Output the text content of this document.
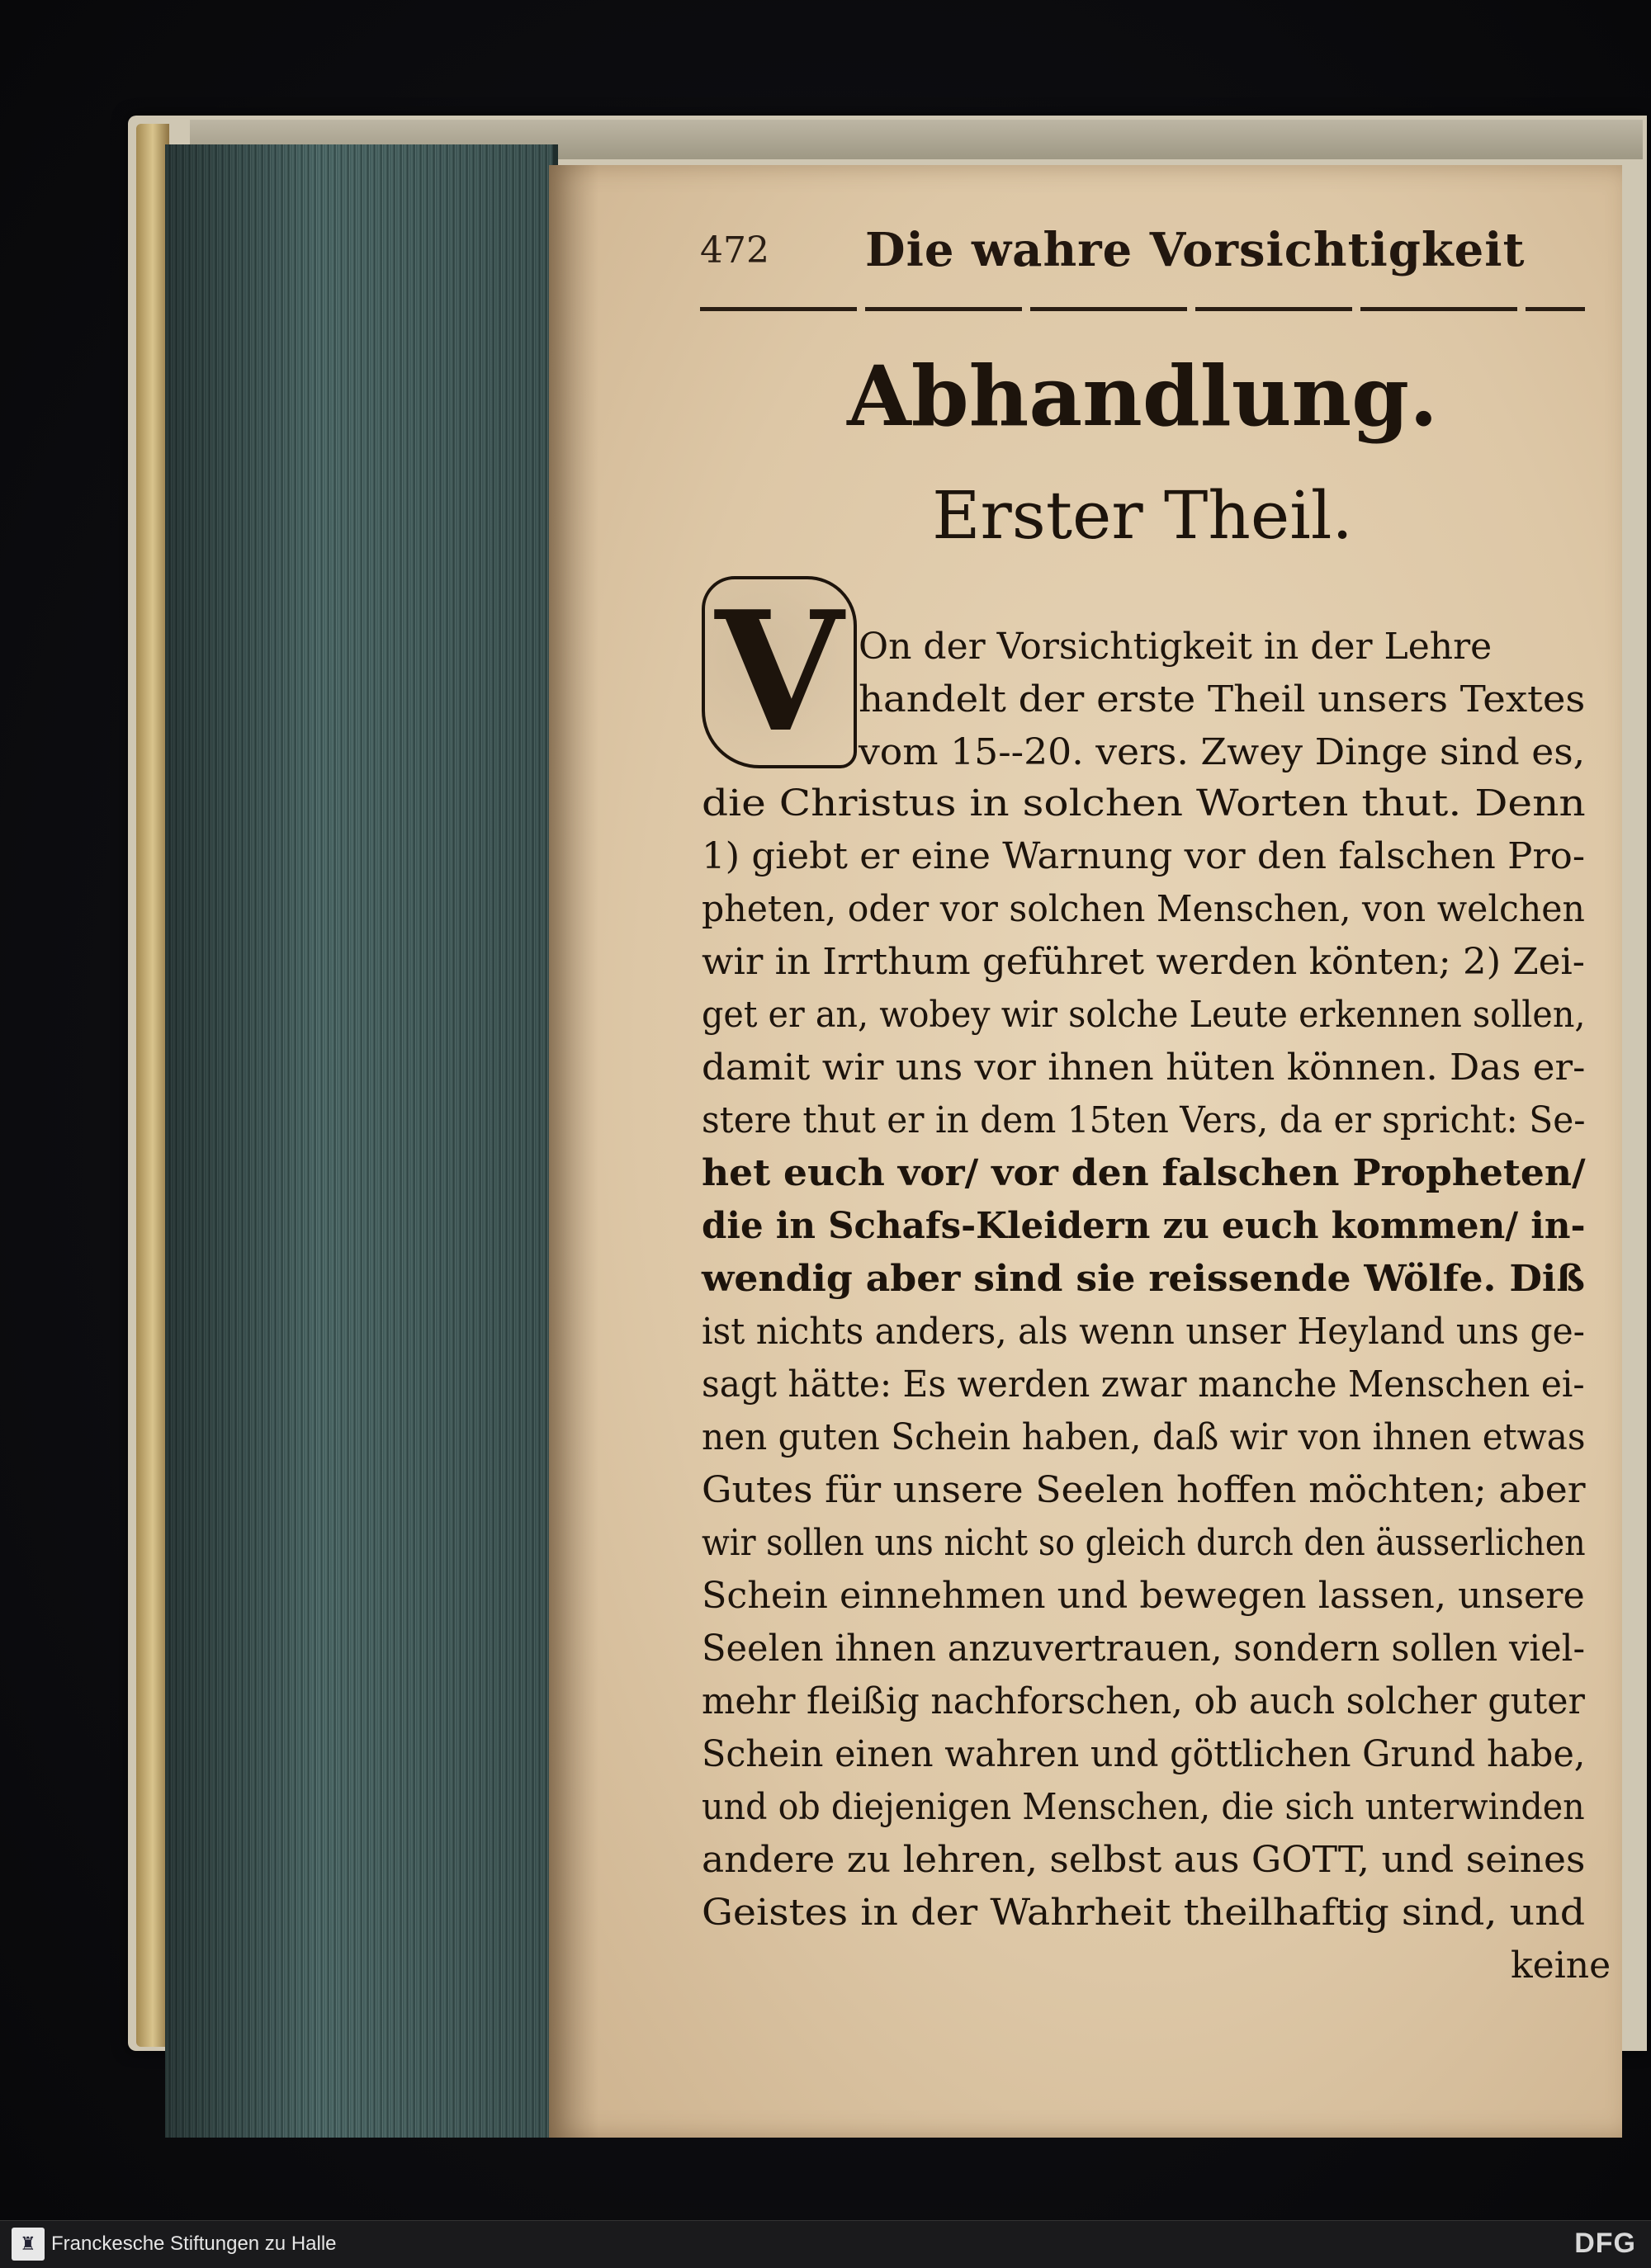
472 Die wahre Vorsichtigkeit
Abhandlung.
Erster Theil.
V On der Vorsichtigkeit in der Lehre
handelt der erste Theil unsers Textes
vom 15--20. vers. Zwey Dinge sind es,
die Christus in solchen Worten thut. Denn
1) giebt er eine Warnung vor den falschen Pro-
pheten, oder vor solchen Menschen, von welchen
wir in Irrthum geführet werden könten; 2) Zei-
get er an, wobey wir solche Leute erkennen sollen,
damit wir uns vor ihnen hüten können. Das er-
stere thut er in dem 15ten Vers, da er spricht: Se-
het euch vor/ vor den falschen Propheten/
die in Schafs-Kleidern zu euch kommen/ in-
wendig aber sind sie reissende Wölfe. Diß
ist nichts anders, als wenn unser Heyland uns ge-
sagt hätte: Es werden zwar manche Menschen ei-
nen guten Schein haben, daß wir von ihnen etwas
Gutes für unsere Seelen hoffen möchten; aber
wir sollen uns nicht so gleich durch den äusserlichen
Schein einnehmen und bewegen lassen, unsere
Seelen ihnen anzuvertrauen, sondern sollen viel-
mehr fleißig nachforschen, ob auch solcher guter
Schein einen wahren und göttlichen Grund habe,
und ob diejenigen Menschen, die sich unterwinden
andere zu lehren, selbst aus GOTT, und seines
Geistes in der Wahrheit theilhaftig sind, und
keine
♜ Franckesche Stiftungen zu Halle	DFG
